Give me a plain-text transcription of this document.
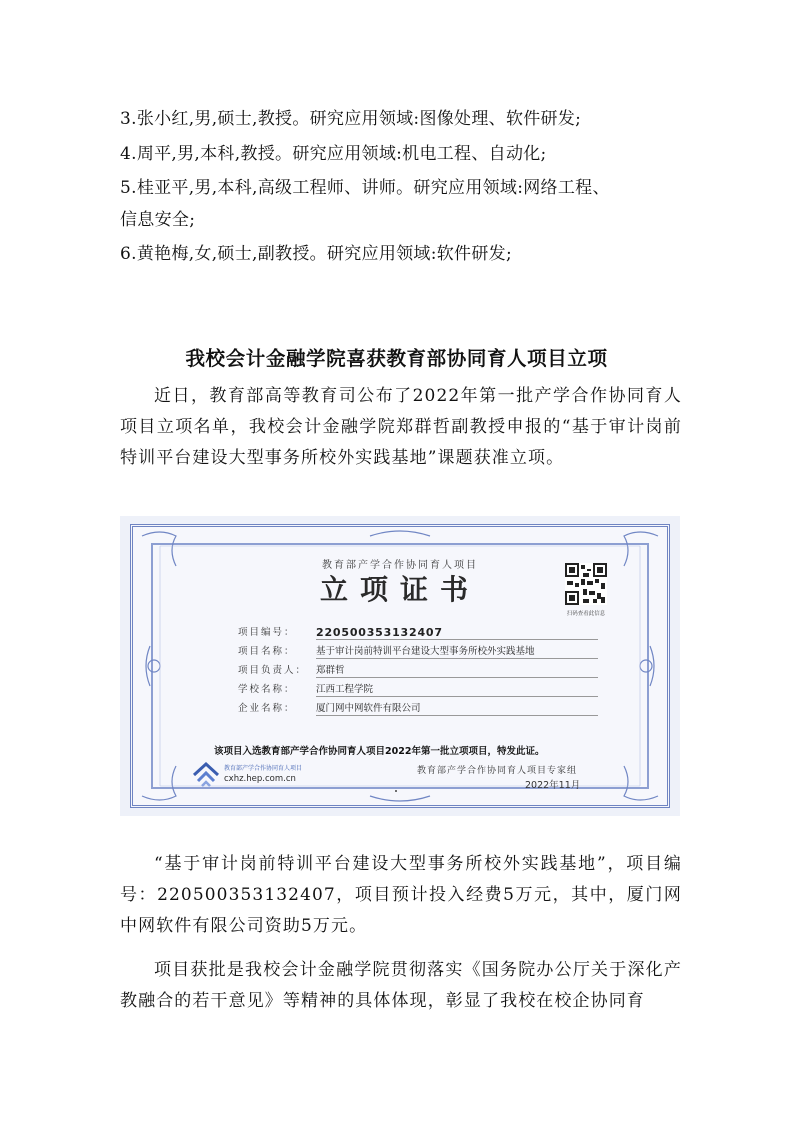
3.张小红,男,硕士,教授。研究应用领域:图像处理、软件研发;
4.周平,男,本科,教授。研究应用领域:机电工程、自动化;
5.桂亚平,男,本科,高级工程师、讲师。研究应用领域:网络工程、
信息安全;
6.黄艳梅,女,硕士,副教授。研究应用领域:软件研发;
我校会计金融学院喜获教育部协同育人项目立项
近日，教育部高等教育司公布了2022年第一批产学合作协同育人项目立项名单，我校会计金融学院郑群哲副教授申报的“基于审计岗前特训平台建设大型事务所校外实践基地”课题获准立项。
教育部产学合作协同育人项目
立项证书
扫码查看此信息
项目编号：	220500353132407
项目名称：	基于审计岗前特训平台建设大型事务所校外实践基地
项目负责人： 郑群哲
学校名称：	江西工程学院
企业名称：	厦门网中网软件有限公司
该项目入选教育部产学合作协同育人项目2022年第一批立项项目，特发此证。
教育部产学合作协同育人项目
cxhz.hep.com.cn
教育部产学合作协同育人项目专家组
2022年11月
“基于审计岗前特训平台建设大型事务所校外实践基地”，项目编号：220500353132407，项目预计投入经费5万元，其中，厦门网中网软件有限公司资助5万元。
项目获批是我校会计金融学院贯彻落实《国务院办公厅关于深化产教融合的若干意见》等精神的具体体现，彰显了我校在校企协同育
